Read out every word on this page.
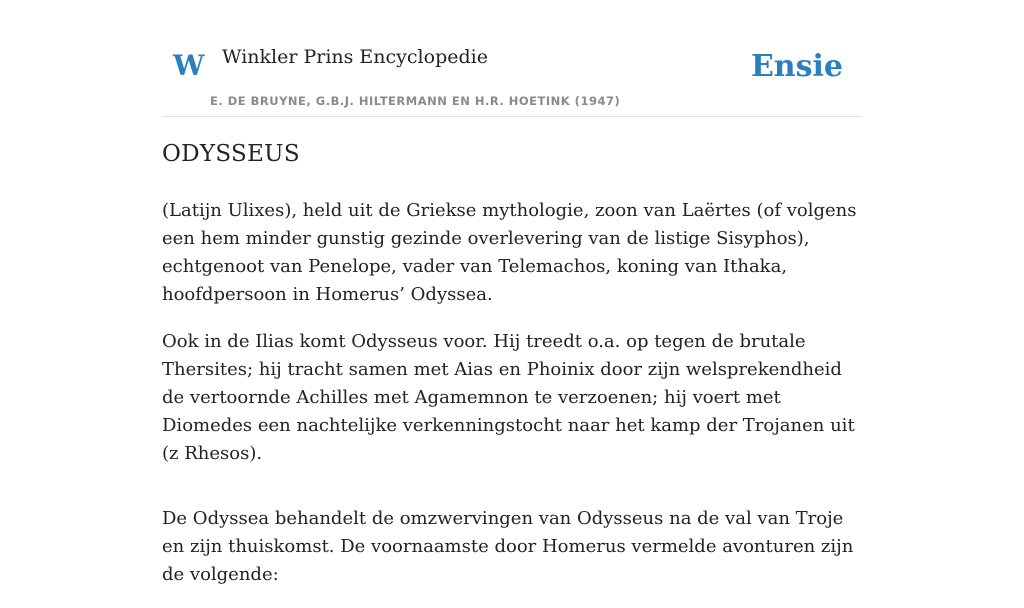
W Winkler Prins Encyclopedie
E. DE BRUYNE, G.B.J. HILTERMANN EN H.R. HOETINK (1947)
Ensie
ODYSSEUS

(Latijn Ulixes), held uit de Griekse mythologie, zoon van Laërtes (of volgens een hem minder gunstig gezinde overlevering van de listige Sisyphos), echtgenoot van Penelope, vader van Telemachos, koning van Ithaka, hoofdpersoon in Homerus’ Odyssea.

Ook in de Ilias komt Odysseus voor. Hij treedt o.a. op tegen de brutale Thersites; hij tracht samen met Aias en Phoinix door zijn welsprekendheid de vertoornde Achilles met Agamemnon te verzoenen; hij voert met Diomedes een nachtelijke verkenningstocht naar het kamp der Trojanen uit (z Rhesos).

De Odyssea behandelt de omzwervingen van Odysseus na de val van Troje en zijn thuiskomst. De voornaamste door Homerus vermelde avonturen zijn de volgende:
